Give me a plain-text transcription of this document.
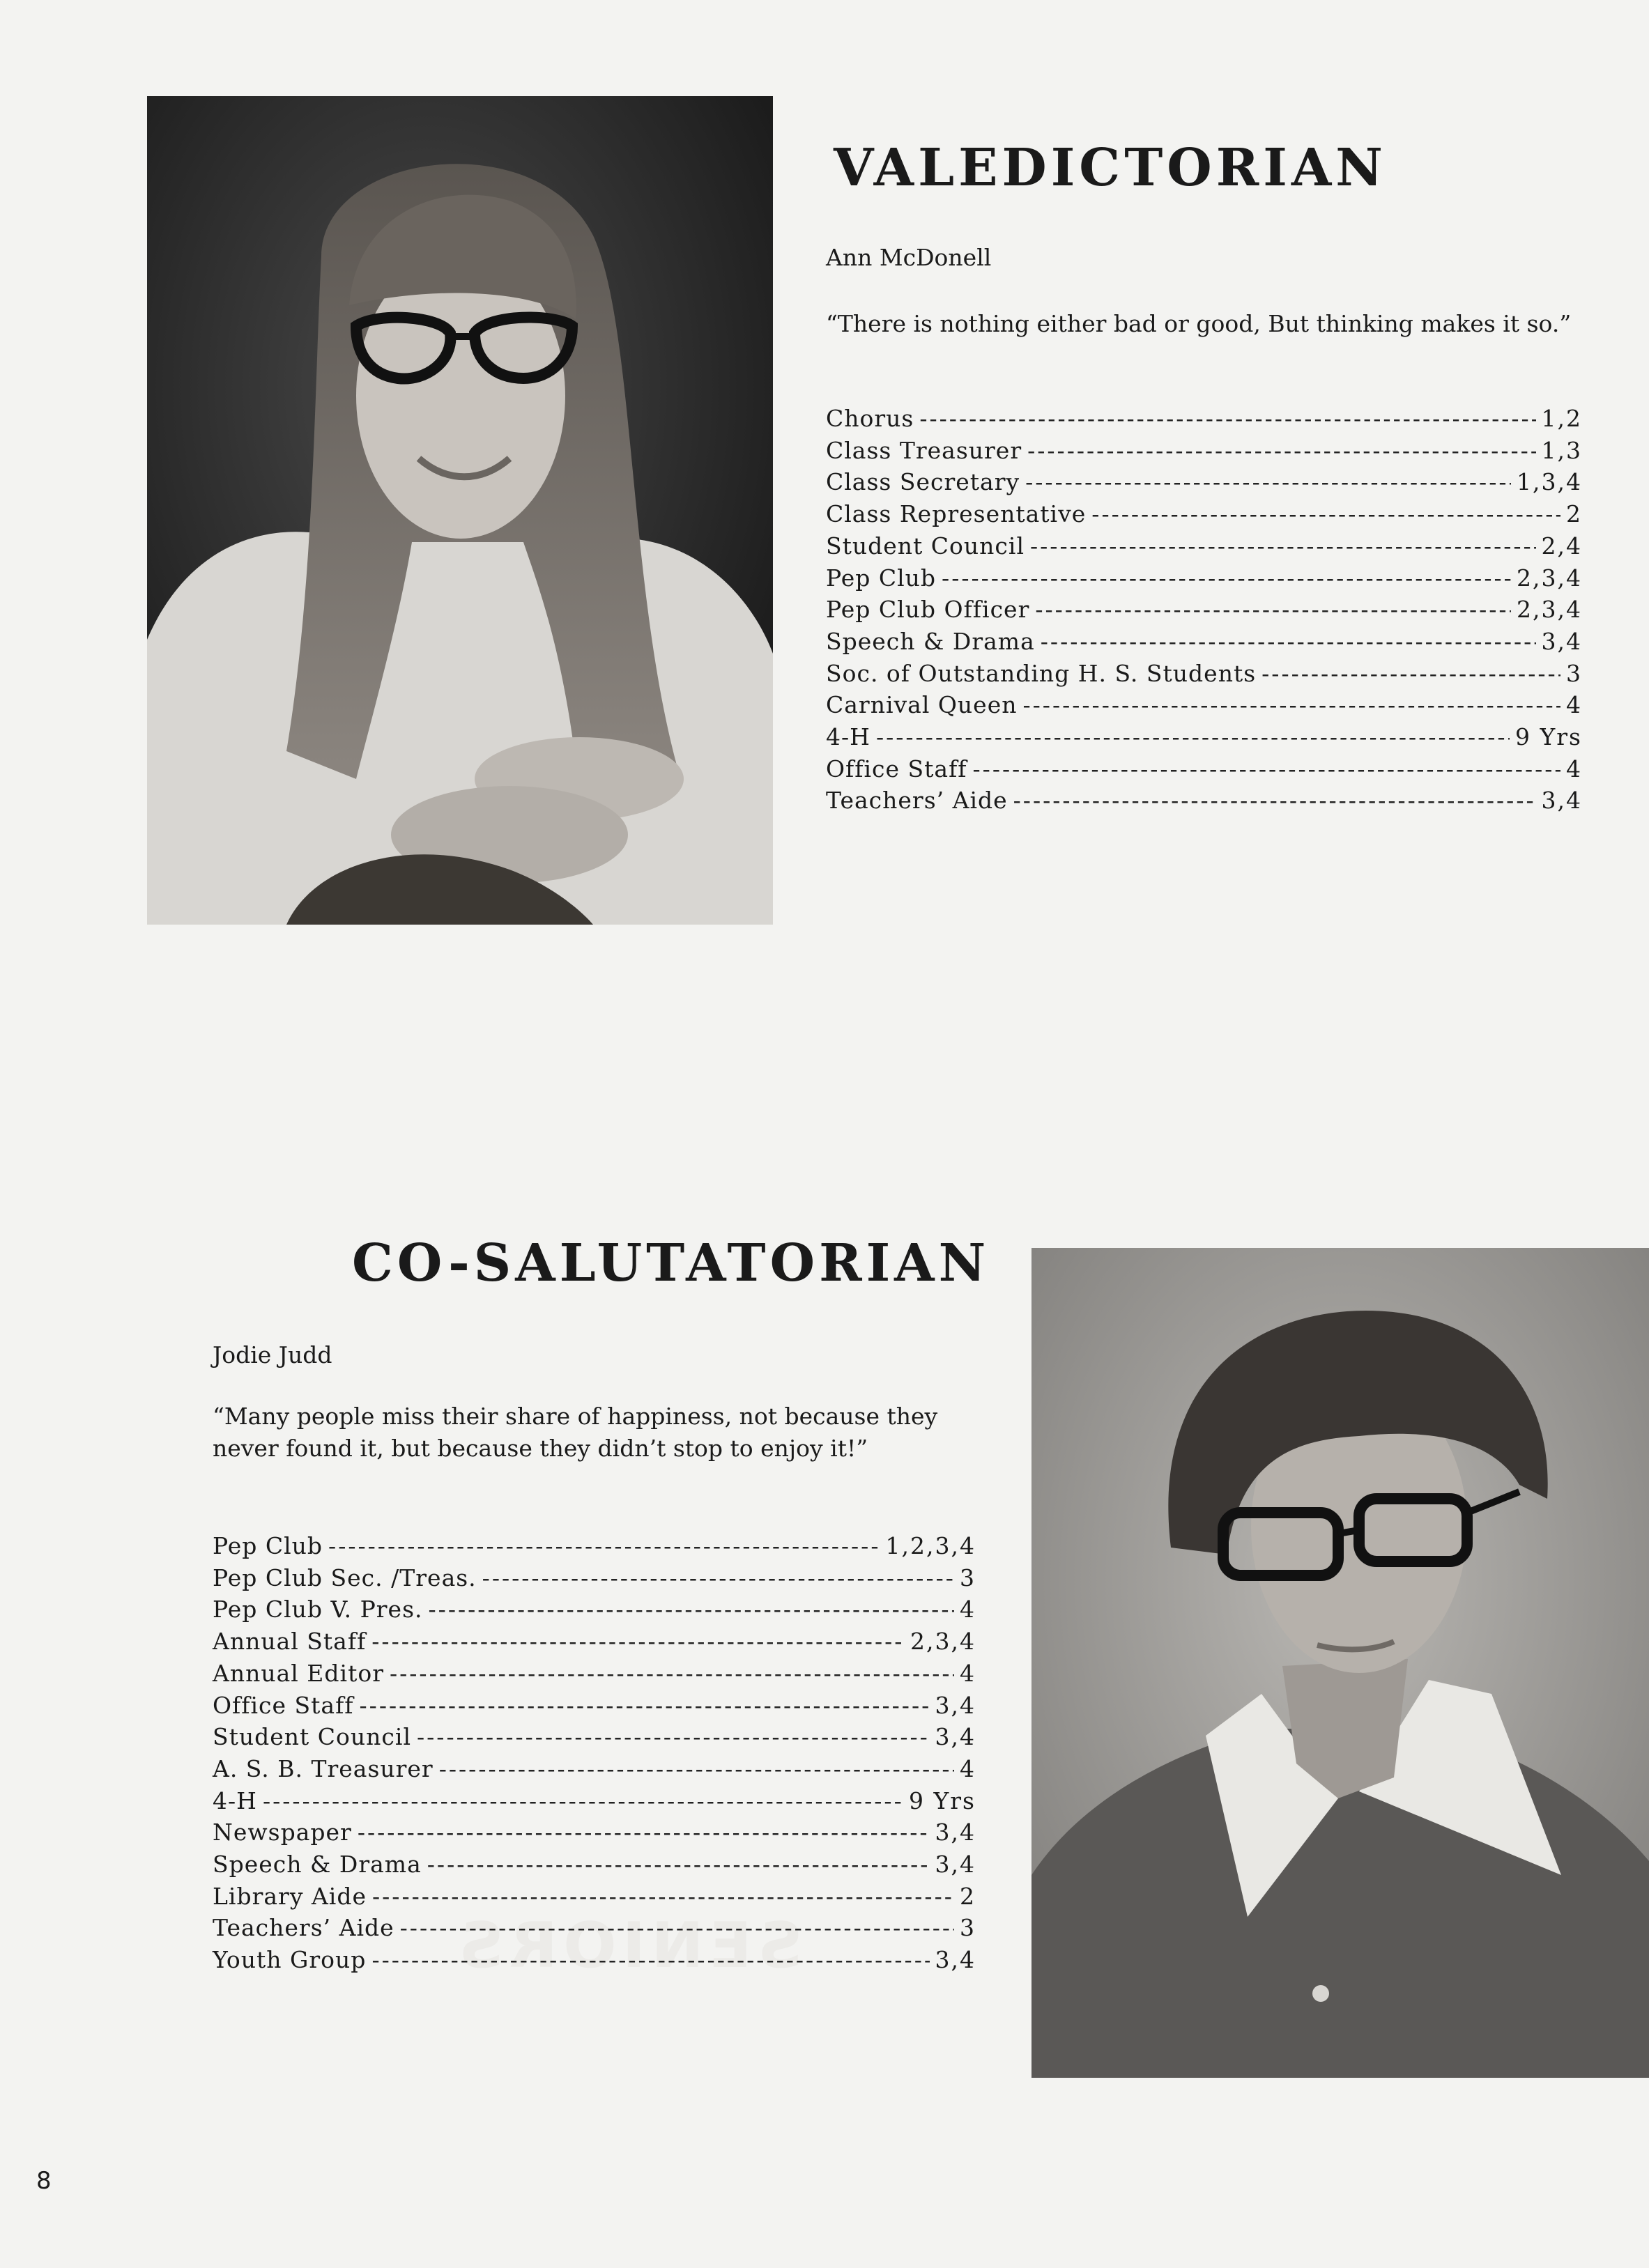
SENIORS
VALEDICTORIAN
Ann McDonell

“There is nothing either bad or good, But thinking makes it so.”

Chorus -----	1,2
Class Treasurer -----	1,3
Class Secretary -----	1,3,4
Class Representative -----	2
Student Council -----	2,4
Pep Club -----	2,3,4
Pep Club Officer -----	2,3,4
Speech & Drama -----	3,4
Soc. of Outstanding H. S. Students -----	3
Carnival Queen -----	4
4-H -----	9 Yrs
Office Staff -----	4
Teachers’ Aide -----	3,4
CO-SALUTATORIAN
Jodie Judd

“Many people miss their share of happiness, not because they never found it, but because they didn’t stop to enjoy it!”

Pep Club -----	1,2,3,4
Pep Club Sec. /Treas. -----	3
Pep Club V. Pres. -----	4
Annual Staff -----	2,3,4
Annual Editor -----	4
Office Staff -----	3,4
Student Council -----	3,4
A. S. B. Treasurer -----	4
4-H -----	9 Yrs
Newspaper -----	3,4
Speech & Drama -----	3,4
Library Aide -----	2
Teachers’ Aide -----	3
Youth Group -----	3,4
8
